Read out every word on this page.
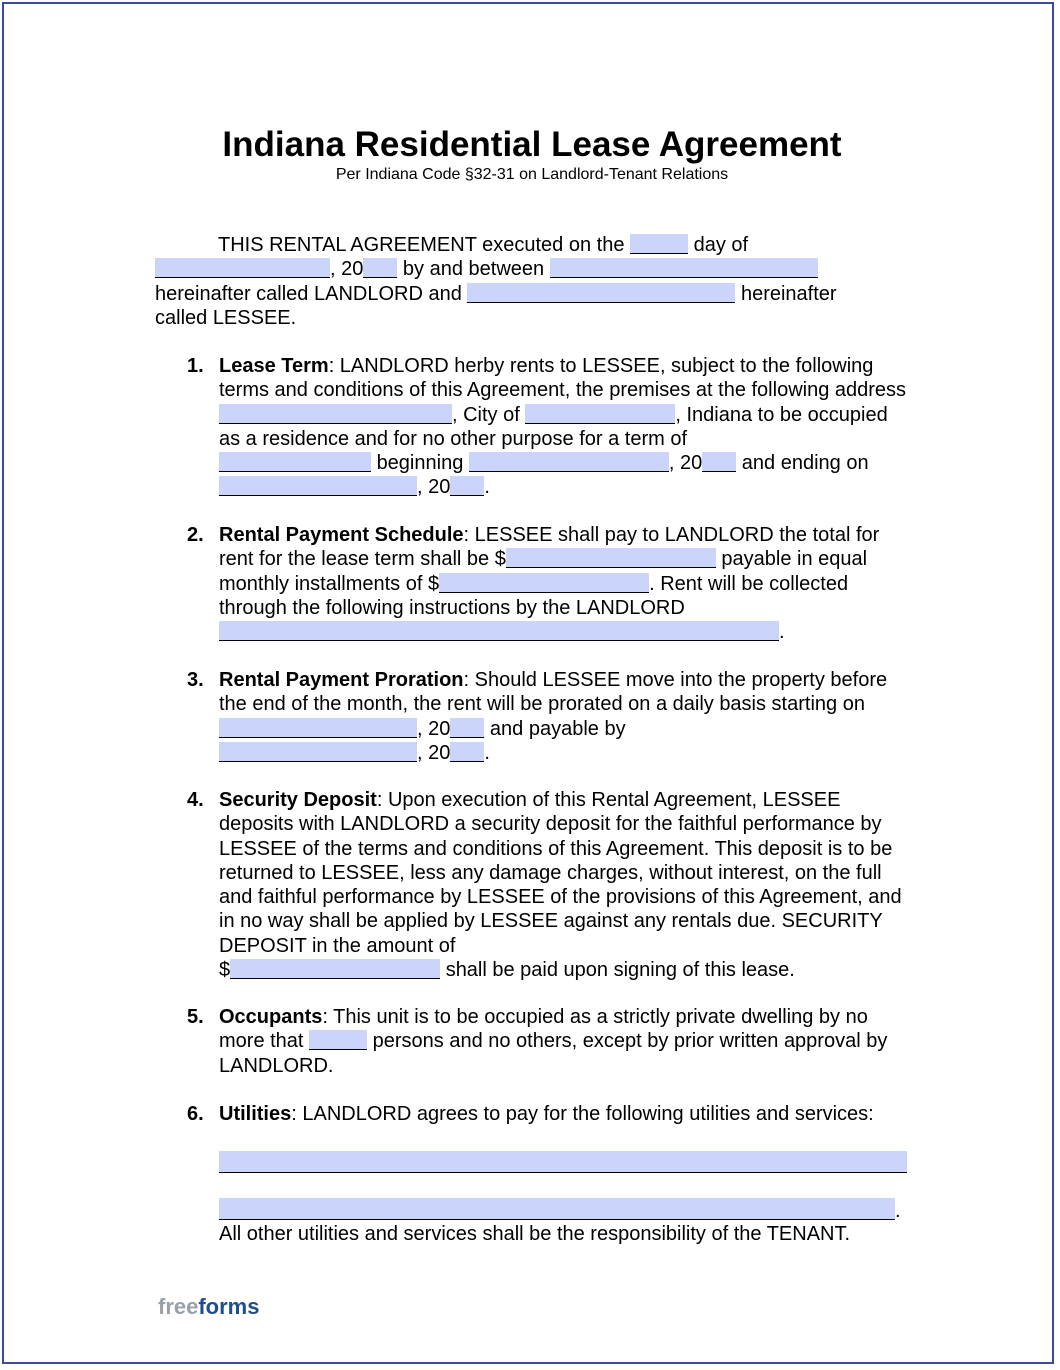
Indiana Residential Lease Agreement
Per Indiana Code §32-31 on Landlord-Tenant Relations
THIS RENTAL AGREEMENT executed on the	day of
, 20 by and between
hereinafter called LANDLORD and	hereinafter
called LESSEE.
1. Lease Term: LANDLORD herby rents to LESSEE, subject to the following terms and conditions of this Agreement, the premises at the following address , City of	, Indiana to be occupied as a residence and for no other purpose for a term of
beginning	, 20 and ending on
, 20 .
2. Rental Payment Schedule: LESSEE shall pay to LANDLORD the total for rent for the lease term shall be $	payable in equal monthly installments of $	. Rent will be collected through the following instructions by the LANDLORD
.
3. Rental Payment Proration: Should LESSEE move into the property before the end of the month, the rent will be prorated on a daily basis starting on , 20 and payable by
, 20 .
4. Security Deposit: Upon execution of this Rental Agreement, LESSEE deposits with LANDLORD a security deposit for the faithful performance by LESSEE of the terms and conditions of this Agreement. This deposit is to be returned to LESSEE, less any damage charges, without interest, on the full and faithful performance by LESSEE of the provisions of this Agreement, and in no way shall be applied by LESSEE against any rentals due. SECURITY DEPOSIT in the amount of
$	shall be paid upon signing of this lease.
5. Occupants: This unit is to be occupied as a strictly private dwelling by no more that	persons and no others, except by prior written approval by LANDLORD.
6. Utilities: LANDLORD agrees to pay for the following utilities and services:
.
All other utilities and services shall be the responsibility of the TENANT.
freeforms
